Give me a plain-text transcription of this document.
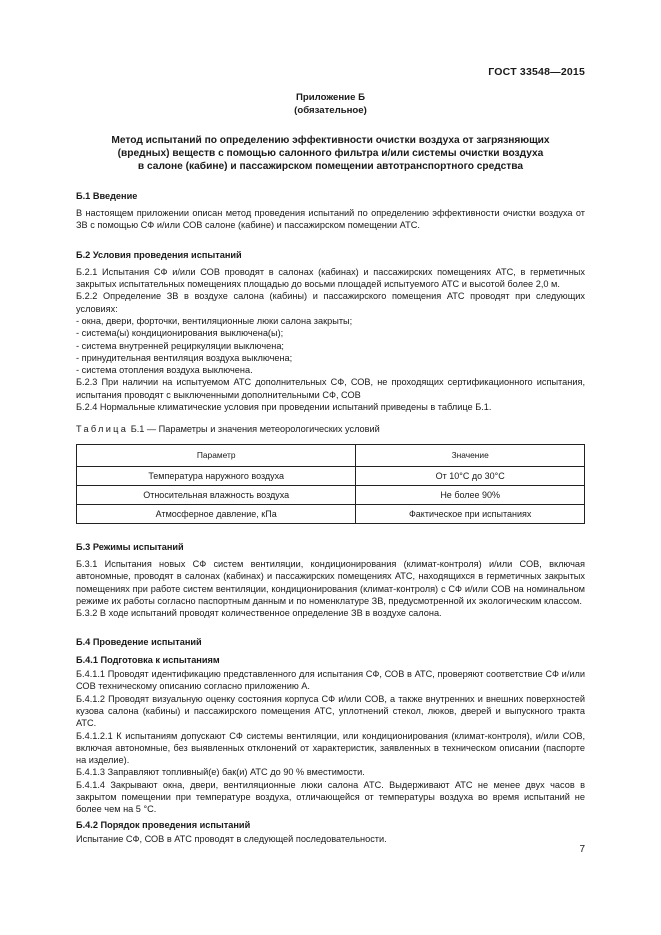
ГОСТ 33548—2015
Приложение Б
(обязательное)
Метод испытаний по определению эффективности очистки воздуха от загрязняющих
(вредных) веществ с помощью салонного фильтра и/или системы очистки воздуха
в салоне (кабине) и пассажирском помещении автотранспортного средства
Б.1 Введение

В настоящем приложении описан метод проведения испытаний по определению эффективности очистки воздуха от ЗВ с помощью СФ и/или СОВ салоне (кабине) и пассажирском помещении АТС.

Б.2 Условия проведения испытаний

Б.2.1 Испытания СФ и/или СОВ проводят в салонах (кабинах) и пассажирских помещениях АТС, в герметичных закрытых испытательных помещениях площадью до восьми площадей испытуемого АТС и высотой более 2,0 м.

Б.2.2 Определение ЗВ в воздухе салона (кабины) и пассажирского помещения АТС проводят при следующих условиях:

- окна, двери, форточки, вентиляционные люки салона закрыты;
- система(ы) кондиционирования выключена(ы);
- система внутренней рециркуляции выключена;
- принудительная вентиляция воздуха выключена;
- система отопления воздуха выключена.

Б.2.3 При наличии на испытуемом АТС дополнительных СФ, СОВ, не проходящих сертификационного испытания, испытания проводят с выключенными дополнительными СФ, СОВ

Б.2.4 Нормальные климатические условия при проведении испытаний приведены в таблице Б.1.

Таблица Б.1 — Параметры и значения метеорологических условий
Параметр	Значение
Температура наружного воздуха	От 10°С до 30°С
Относительная влажность воздуха	Не более 90%
Атмосферное давление, кПа	Фактическое при испытаниях
Б.3 Режимы испытаний

Б.3.1 Испытания новых СФ систем вентиляции, кондиционирования (климат-контроля) и/или СОВ, включая автономные, проводят в салонах (кабинах) и пассажирских помещениях АТС, находящихся в герметичных закрытых помещениях при работе систем вентиляции, кондиционирования (климат-контроля) с СФ и/или СОВ на номинальном режиме их работы согласно паспортным данным и по номенклатуре ЗВ, предусмотренной их экологическим классом.

Б.3.2 В ходе испытаний проводят количественное определение ЗВ в воздухе салона.

Б.4 Проведение испытаний
Б.4.1 Подготовка к испытаниям

Б.4.1.1 Проводят идентификацию представленного для испытания СФ, СОВ в АТС, проверяют соответствие СФ и/или СОВ техническому описанию согласно приложению А.

Б.4.1.2 Проводят визуальную оценку состояния корпуса СФ и/или СОВ, а также внутренних и внешних поверхностей кузова салона (кабины) и пассажирского помещения АТС, уплотнений стекол, люков, дверей и выпускного тракта АТС.

Б.4.1.2.1 К испытаниям допускают СФ системы вентиляции, или кондиционирования (климат-контроля), и/или СОВ, включая автономные, без выявленных отклонений от характеристик, заявленных в техническом описании (паспорте на изделие).

Б.4.1.3 Заправляют топливный(е) бак(и) АТС до 90 % вместимости.

Б.4.1.4 Закрывают окна, двери, вентиляционные люки салона АТС. Выдерживают АТС не менее двух часов в закрытом помещении при температуре воздуха, отличающейся от температуры воздуха во время испытаний не более чем на 5 °С.

Б.4.2 Порядок проведения испытаний

Испытание СФ, СОВ в АТС проводят в следующей последовательности.

7
